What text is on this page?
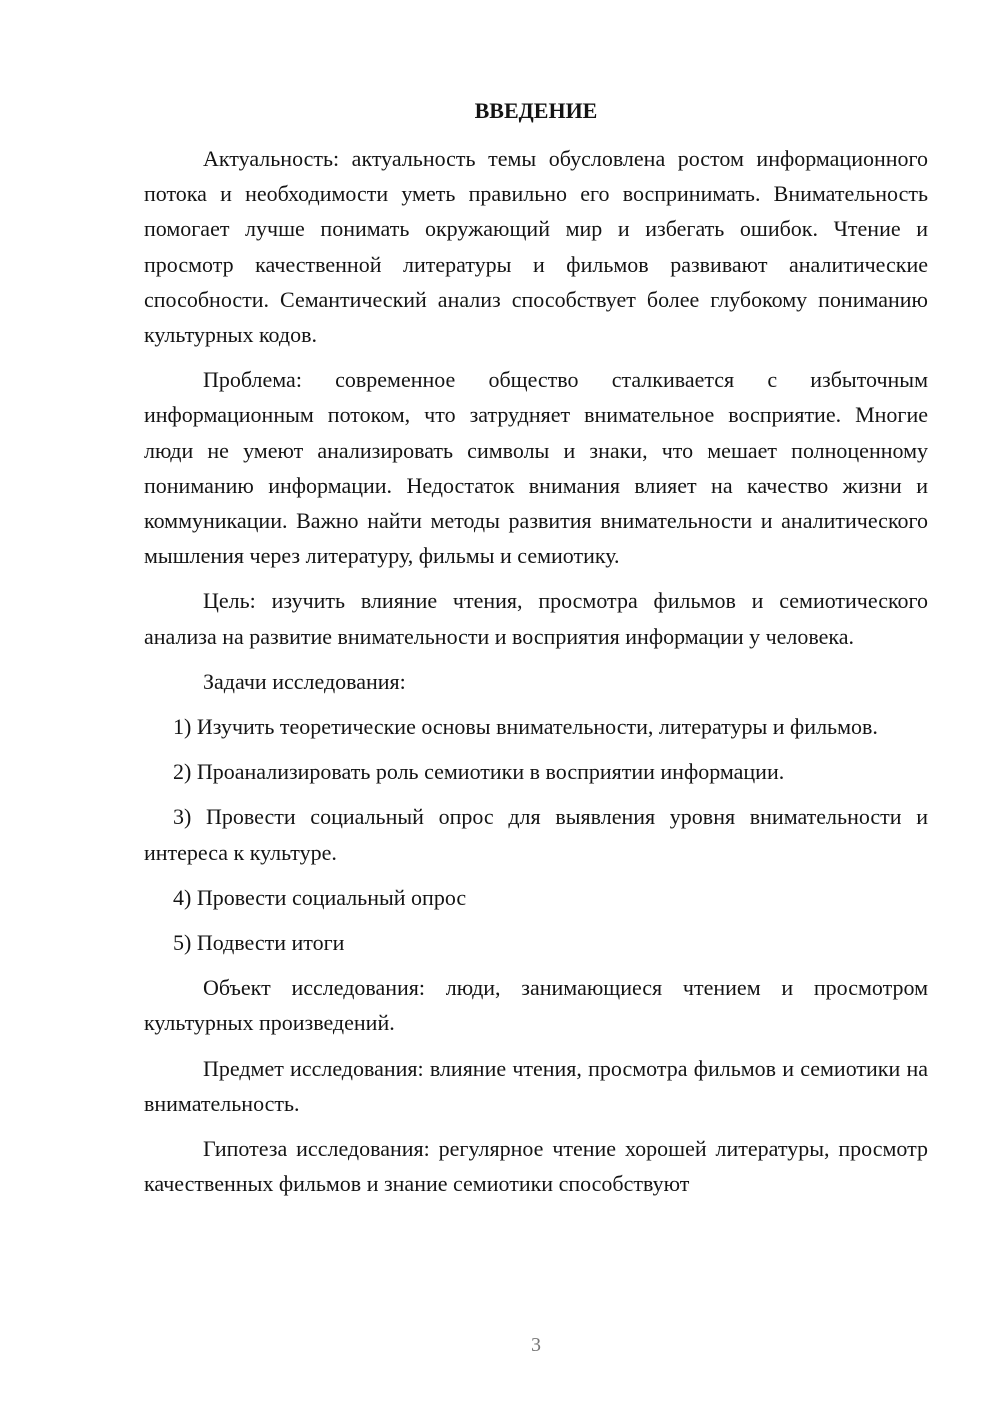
ВВЕДЕНИЕ

Актуальность: актуальность темы обусловлена ростом информационного потока и необходимости уметь правильно его воспринимать. Внимательность помогает лучше понимать окружающий мир и избегать ошибок. Чтение и просмотр качественной литературы и фильмов развивают аналитические способности. Семантический анализ способствует более глубокому пониманию культурных кодов.

Проблема: современное общество сталкивается с избыточным информационным потоком, что затрудняет внимательное восприятие. Многие люди не умеют анализировать символы и знаки, что мешает полноценному пониманию информации. Недостаток внимания влияет на качество жизни и коммуникации. Важно найти методы развития внимательности и аналитического мышления через литературу, фильмы и семиотику.

Цель: изучить влияние чтения, просмотра фильмов и семиотического анализа на развитие внимательности и восприятия информации у человека.

Задачи исследования:

1) Изучить теоретические основы внимательности, литературы и фильмов.

2) Проанализировать роль семиотики в восприятии информации.

3) Провести социальный опрос для выявления уровня внимательности и интереса к культуре.

4) Провести социальный опрос

5) Подвести итоги

Объект исследования: люди, занимающиеся чтением и просмотром культурных произведений.

Предмет исследования: влияние чтения, просмотра фильмов и семиотики на внимательность.

Гипотеза исследования: регулярное чтение хорошей литературы, просмотр качественных фильмов и знание семиотики способствуют

3
